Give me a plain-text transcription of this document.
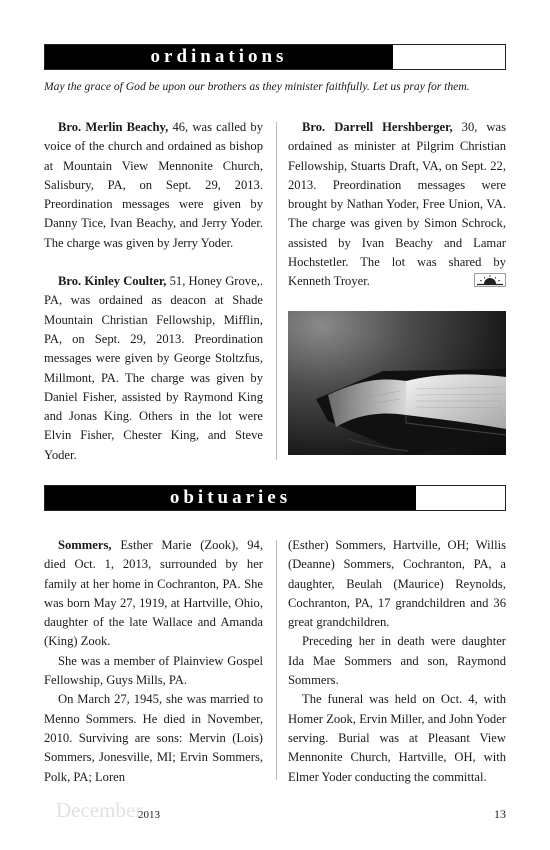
ordinations
May the grace of God be upon our brothers as they minister faithfully. Let us pray for them.

Bro. Merlin Beachy, 46, was called by voice of the church and ordained as bishop at Mountain View Mennonite Church, Salisbury, PA, on Sept. 29, 2013. Preordination messages were given by Danny Tice, Ivan Beachy, and Jerry Yoder. The charge was given by Jerry Yoder.

Bro. Kinley Coulter, 51, Honey Grove,. PA, was ordained as deacon at Shade Mountain Christian Fellowship, Mifflin, PA, on Sept. 29, 2013. Preordination messages were given by George Stoltzfus, Millmont, PA. The charge was given by Daniel Fisher, assisted by Raymond King and Jonas King. Others in the lot were Elvin Fisher, Chester King, and Steve Yoder.

Bro. Darrell Hershberger, 30, was ordained as minister at Pilgrim Christian Fellowship, Stuarts Draft, VA, on Sept. 22, 2013. Preordination messages were brought by Nathan Yoder, Free Union, VA. The charge was given by Simon Schrock, assisted by Ivan Beachy and Lamar Hochstetler. The lot was shared by Kenneth Troyer.

obituaries

Sommers, Esther Marie (Zook), 94, died Oct. 1, 2013, surrounded by her family at her home in Cochranton, PA. She was born May 27, 1919, at Hartville, Ohio, daughter of the late Wallace and Amanda (King) Zook.

She was a member of Plainview Gospel Fellowship, Guys Mills, PA.

On March 27, 1945, she was married to Menno Sommers. He died in November, 2010. Surviving are sons: Mervin (Lois) Sommers, Jonesville, MI; Ervin Sommers, Polk, PA; Loren

(Esther) Sommers, Hartville, OH; Willis (Deanne) Sommers, Cochranton, PA, a daughter, Beulah (Maurice) Reynolds, Cochranton, PA, 17 grandchildren and 36 great grandchildren.

Preceding her in death were daughter Ida Mae Sommers and son, Raymond Sommers.

The funeral was held on Oct. 4, with Homer Zook, Ervin Miller, and John Yoder serving. Burial was at Pleasant View Mennonite Church, Hartville, OH, with Elmer Yoder conducting the committal.

December
2013	13
